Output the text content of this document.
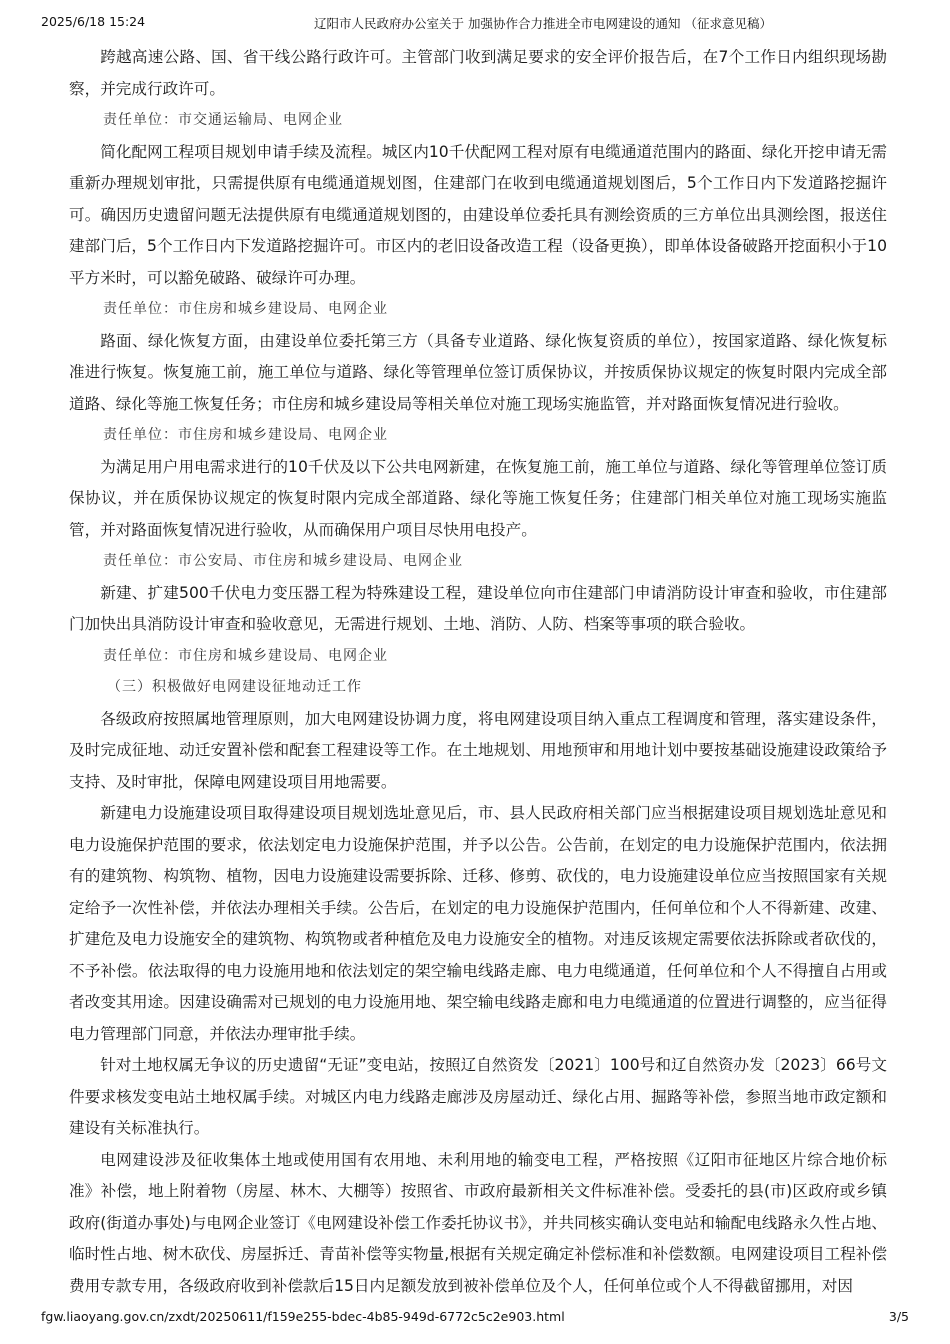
2025/6/18 15:24	辽阳市人民政府办公室关于 加强协作合力推进全市电网建设的通知 （征求意见稿）

跨越高速公路、国、省干线公路行政许可。主管部门收到满足要求的安全评价报告后，在7个工作日内组织现场勘察，并完成行政许可。

责任单位：市交通运输局、电网企业

简化配网工程项目规划申请手续及流程。城区内10千伏配网工程对原有电缆通道范围内的路面、绿化开挖申请无需重新办理规划审批，只需提供原有电缆通道规划图，住建部门在收到电缆通道规划图后，5个工作日内下发道路挖掘许可。确因历史遗留问题无法提供原有电缆通道规划图的，由建设单位委托具有测绘资质的三方单位出具测绘图，报送住建部门后，5个工作日内下发道路挖掘许可。市区内的老旧设备改造工程（设备更换），即单体设备破路开挖面积小于10平方米时，可以豁免破路、破绿许可办理。

责任单位：市住房和城乡建设局、电网企业

路面、绿化恢复方面，由建设单位委托第三方（具备专业道路、绿化恢复资质的单位），按国家道路、绿化恢复标准进行恢复。恢复施工前，施工单位与道路、绿化等管理单位签订质保协议，并按质保协议规定的恢复时限内完成全部道路、绿化等施工恢复任务；市住房和城乡建设局等相关单位对施工现场实施监管，并对路面恢复情况进行验收。

责任单位：市住房和城乡建设局、电网企业

为满足用户用电需求进行的10千伏及以下公共电网新建，在恢复施工前，施工单位与道路、绿化等管理单位签订质保协议，并在质保协议规定的恢复时限内完成全部道路、绿化等施工恢复任务；住建部门相关单位对施工现场实施监管，并对路面恢复情况进行验收，从而确保用户项目尽快用电投产。

责任单位：市公安局、市住房和城乡建设局、电网企业

新建、扩建500千伏电力变压器工程为特殊建设工程，建设单位向市住建部门申请消防设计审查和验收，市住建部门加快出具消防设计审查和验收意见，无需进行规划、土地、消防、人防、档案等事项的联合验收。

责任单位：市住房和城乡建设局、电网企业

（三）积极做好电网建设征地动迁工作

各级政府按照属地管理原则，加大电网建设协调力度，将电网建设项目纳入重点工程调度和管理，落实建设条件，及时完成征地、动迁安置补偿和配套工程建设等工作。在土地规划、用地预审和用地计划中要按基础设施建设政策给予支持、及时审批，保障电网建设项目用地需要。

新建电力设施建设项目取得建设项目规划选址意见后，市、县人民政府相关部门应当根据建设项目规划选址意见和电力设施保护范围的要求，依法划定电力设施保护范围，并予以公告。公告前，在划定的电力设施保护范围内，依法拥有的建筑物、构筑物、植物，因电力设施建设需要拆除、迁移、修剪、砍伐的，电力设施建设单位应当按照国家有关规定给予一次性补偿，并依法办理相关手续。公告后，在划定的电力设施保护范围内，任何单位和个人不得新建、改建、扩建危及电力设施安全的建筑物、构筑物或者种植危及电力设施安全的植物。对违反该规定需要依法拆除或者砍伐的，不予补偿。依法取得的电力设施用地和依法划定的架空输电线路走廊、电力电缆通道，任何单位和个人不得擅自占用或者改变其用途。因建设确需对已规划的电力设施用地、架空输电线路走廊和电力电缆通道的位置进行调整的，应当征得电力管理部门同意，并依法办理审批手续。

针对土地权属无争议的历史遗留“无证”变电站，按照辽自然资发〔2021〕100号和辽自然资办发〔2023〕66号文件要求核发变电站土地权属手续。对城区内电力线路走廊涉及房屋动迁、绿化占用、掘路等补偿，参照当地市政定额和建设有关标准执行。

电网建设涉及征收集体土地或使用国有农用地、未利用地的输变电工程，严格按照《辽阳市征地区片综合地价标准》补偿，地上附着物（房屋、林木、大棚等）按照省、市政府最新相关文件标准补偿。受委托的县(市)区政府或乡镇政府(街道办事处)与电网企业签订《电网建设补偿工作委托协议书》，并共同核实确认变电站和输配电线路永久性占地、临时性占地、树木砍伐、房屋拆迁、青苗补偿等实物量,根据有关规定确定补偿标准和补偿数额。电网建设项目工程补偿费用专款专用，各级政府收到补偿款后15日内足额发放到被补偿单位及个人，任何单位或个人不得截留挪用，对因

fgw.liaoyang.gov.cn/zxdt/20250611/f159e255-bdec-4b85-949d-6772c5c2e903.html	3/5
